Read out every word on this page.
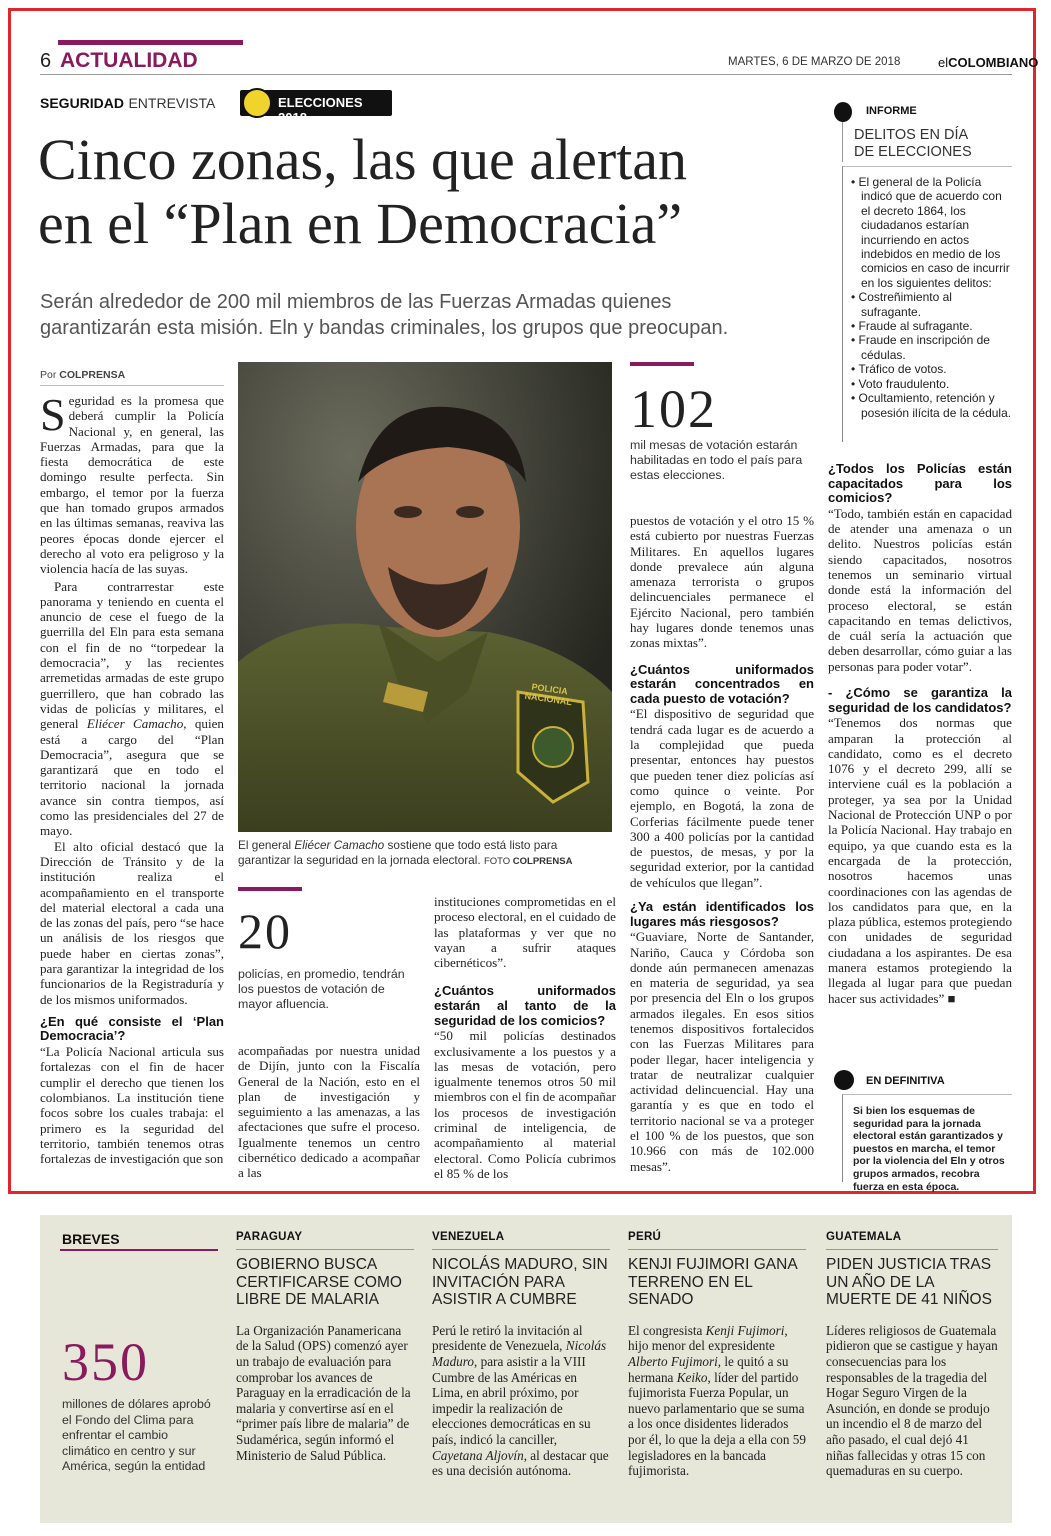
6 ACTUALIDAD	MARTES, 6 DE MARZO DE 2018	elCOLOMBIANO
SEGURIDAD ENTREVISTA	ELECCIONES 2018
Cinco zonas, las que alertan
en el “Plan en Democracia”
Serán alrededor de 200 mil miembros de las Fuerzas Armadas quienes
garantizarán esta misión. Eln y bandas criminales, los grupos que preocupan.
Por COLPRENSA

Seguridad es la promesa que deberá cumplir la Policía Nacional y, en general, las Fuerzas Armadas, para que la fiesta democrática de este domingo resulte perfecta. Sin embargo, el temor por la fuerza que han tomado grupos armados en las últimas semanas, reaviva las peores épocas donde ejercer el derecho al voto era peligroso y la violencia hacía de las suyas.

Para contrarrestar este panorama y teniendo en cuenta el anuncio de cese el fuego de la guerrilla del Eln para esta semana con el fin de no “torpedear la democracia”, y las recientes arremetidas armadas de este grupo guerrillero, que han cobrado las vidas de policías y militares, el general Eliécer Camacho, quien está a cargo del “Plan Democracia”, asegura que se garantizará que en todo el territorio nacional la jornada avance sin contra tiempos, así como las presidenciales del 27 de mayo.

El alto oficial destacó que la Dirección de Tránsito y de la institución realiza el acompañamiento en el transporte del material electoral a cada una de las zonas del país, pero “se hace un análisis de los riesgos que puede haber en ciertas zonas”, para garantizar la integridad de los funcionarios de la Registraduría y de los mismos uniformados.

¿En qué consiste el ‘Plan Democracia’?

“La Policía Nacional articula sus fortalezas con el fin de hacer cumplir el derecho que tienen los colombianos. La institución tiene focos sobre los cuales trabaja: el primero es la seguridad del territorio, también tenemos otras fortalezas de investigación que son

POLICIA NACIONAL
El general Eliécer Camacho sostiene que todo está listo para garantizar la seguridad en la jornada electoral. FOTO COLPRENSA
20
policías, en promedio, tendrán los puestos de votación de mayor afluencia.
acompañadas por nuestra unidad de Dijín, junto con la Fiscalía General de la Nación, esto en el plan de investigación y seguimiento a las amenazas, a las afectaciones que sufre el proceso. Igualmente tenemos un centro cibernético dedicado a acompañar a las

instituciones comprometidas en el proceso electoral, en el cuidado de las plataformas y ver que no vayan a sufrir ataques cibernéticos”.

¿Cuántos uniformados estarán al tanto de la seguridad de los comicios?

“50 mil policías destinados exclusivamente a los puestos y a las mesas de votación, pero igualmente tenemos otros 50 mil miembros con el fin de acompañar los procesos de investigación criminal de inteligencia, de acompañamiento al material electoral. Como Policía cubrimos el 85 % de los

102
mil mesas de votación estarán habilitadas en todo el país para estas elecciones.

puestos de votación y el otro 15 % está cubierto por nuestras Fuerzas Militares. En aquellos lugares donde prevalece aún alguna amenaza terrorista o grupos delincuenciales permanece el Ejército Nacional, pero también hay lugares donde tenemos unas zonas mixtas”.

¿Cuántos uniformados estarán concentrados en cada puesto de votación?

“El dispositivo de seguridad que tendrá cada lugar es de acuerdo a la complejidad que pueda presentar, entonces hay puestos que pueden tener diez policías así como quince o veinte. Por ejemplo, en Bogotá, la zona de Corferias fácilmente puede tener 300 a 400 policías por la cantidad de puestos, de mesas, y por la seguridad exterior, por la cantidad de vehículos que llegan”.

¿Ya están identificados los lugares más riesgosos?

“Guaviare, Norte de Santander, Nariño, Cauca y Córdoba son donde aún permanecen amenazas en materia de seguridad, ya sea por presencia del Eln o los grupos armados ilegales. En esos sitios tenemos dispositivos fortalecidos con las Fuerzas Militares para poder llegar, hacer inteligencia y tratar de neutralizar cualquier actividad delincuencial. Hay una garantía y es que en todo el territorio nacional se va a proteger el 100 % de los puestos, que son 10.966 con más de 102.000 mesas”.

INFORME
DELITOS EN DÍA
DE ELECCIONES
• El general de la Policía indicó que de acuerdo con el decreto 1864, los ciudadanos estarían incurriendo en actos indebidos en medio de los comicios en caso de incurrir en los siguientes delitos:
• Costreñimiento al sufragante.
• Fraude al sufragante.
• Fraude en inscripción de cédulas.
• Tráfico de votos.
• Voto fraudulento.
• Ocultamiento, retención y posesión ilícita de la cédula.
¿Todos los Policías están capacitados para los comicios?

“Todo, también están en capacidad de atender una amenaza o un delito. Nuestros policías están siendo capacitados, nosotros tenemos un seminario virtual donde está la información del proceso electoral, se están capacitando en temas delictivos, de cuál sería la actuación que deben desarrollar, cómo guiar a las personas para poder votar”.

- ¿Cómo se garantiza la seguridad de los candidatos?

“Tenemos dos normas que amparan la protección al candidato, como es el decreto 1076 y el decreto 299, allí se interviene cuál es la población a proteger, ya sea por la Unidad Nacional de Protección UNP o por la Policía Nacional. Hay trabajo en equipo, ya que cuando esta es la encargada de la protección, nosotros hacemos unas coordinaciones con las agendas de los candidatos para que, en la plaza pública, estemos protegiendo con unidades de seguridad ciudadana a los aspirantes. De esa manera estamos protegiendo la llegada al lugar para que puedan hacer sus actividades” ■

EN DEFINITIVA
Si bien los esquemas de seguridad para la jornada electoral están garantizados y puestos en marcha, el temor por la violencia del Eln y otros grupos armados, recobra fuerza en esta época.
BREVES
350
millones de dólares aprobó el Fondo del Clima para enfrentar el cambio climático en centro y sur América, según la entidad
PARAGUAY
GOBIERNO BUSCA CERTIFICARSE COMO LIBRE DE MALARIA
La Organización Panamericana de la Salud (OPS) comenzó ayer un trabajo de evaluación para comprobar los avances de Paraguay en la erradicación de la malaria y convertirse así en el “primer país libre de malaria” de Sudamérica, según informó el Ministerio de Salud Pública.
VENEZUELA
NICOLÁS MADURO, SIN INVITACIÓN PARA ASISTIR A CUMBRE
Perú le retiró la invitación al presidente de Venezuela, Nicolás Maduro, para asistir a la VIII Cumbre de las Américas en Lima, en abril próximo, por impedir la realización de elecciones democráticas en su país, indicó la canciller, Cayetana Aljovín, al destacar que es una decisión autónoma.
PERÚ
KENJI FUJIMORI GANA TERRENO EN EL SENADO
El congresista Kenji Fujimori, hijo menor del expresidente Alberto Fujimori, le quitó a su hermana Keiko, líder del partido fujimorista Fuerza Popular, un nuevo parlamentario que se suma a los once disidentes liderados por él, lo que la deja a ella con 59 legisladores en la bancada fujimorista.
GUATEMALA
PIDEN JUSTICIA TRAS UN AÑO DE LA MUERTE DE 41 NIÑOS
Líderes religiosos de Guatemala pidieron que se castigue y hayan consecuencias para los responsables de la tragedia del Hogar Seguro Virgen de la Asunción, en donde se produjo un incendio el 8 de marzo del año pasado, el cual dejó 41 niñas fallecidas y otras 15 con quemaduras en su cuerpo.
